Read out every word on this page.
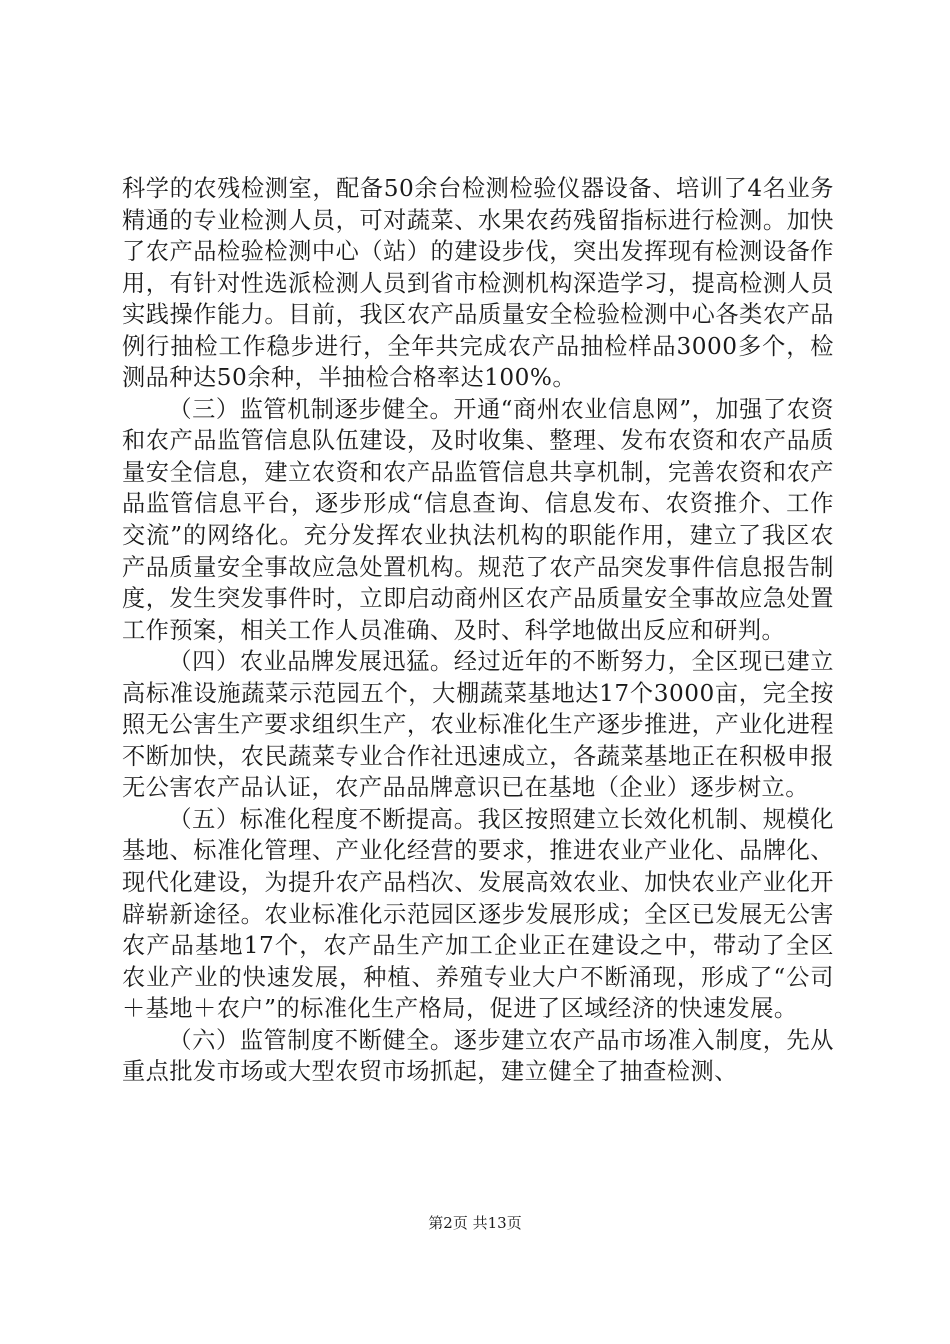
科学的农残检测室，配备50余台检测检验仪器设备、培训了4名业务精通的专业检测人员，可对蔬菜、水果农药残留指标进行检测。加快了农产品检验检测中心（站）的建设步伐，突出发挥现有检测设备作用，有针对性选派检测人员到省市检测机构深造学习，提高检测人员实践操作能力。目前，我区农产品质量安全检验检测中心各类农产品例行抽检工作稳步进行，全年共完成农产品抽检样品3000多个，检测品种达50余种，半抽检合格率达100%。

（三）监管机制逐步健全。开通“商州农业信息网”，加强了农资和农产品监管信息队伍建设，及时收集、整理、发布农资和农产品质量安全信息，建立农资和农产品监管信息共享机制，完善农资和农产品监管信息平台，逐步形成“信息查询、信息发布、农资推介、工作交流”的网络化。充分发挥农业执法机构的职能作用，建立了我区农产品质量安全事故应急处置机构。规范了农产品突发事件信息报告制度，发生突发事件时，立即启动商州区农产品质量安全事故应急处置工作预案，相关工作人员准确、及时、科学地做出反应和研判。

（四）农业品牌发展迅猛。经过近年的不断努力，全区现已建立高标准设施蔬菜示范园五个，大棚蔬菜基地达17个3000亩，完全按照无公害生产要求组织生产，农业标准化生产逐步推进，产业化进程不断加快，农民蔬菜专业合作社迅速成立，各蔬菜基地正在积极申报无公害农产品认证，农产品品牌意识已在基地（企业）逐步树立。

（五）标准化程度不断提高。我区按照建立长效化机制、规模化基地、标准化管理、产业化经营的要求，推进农业产业化、品牌化、现代化建设，为提升农产品档次、发展高效农业、加快农业产业化开辟崭新途径。农业标准化示范园区逐步发展形成；全区已发展无公害农产品基地17个，农产品生产加工企业正在建设之中，带动了全区农业产业的快速发展，种植、养殖专业大户不断涌现，形成了“公司＋基地＋农户”的标准化生产格局，促进了区域经济的快速发展。

（六）监管制度不断健全。逐步建立农产品市场准入制度，先从重点批发市场或大型农贸市场抓起，建立健全了抽查检测、

第2页 共13页
